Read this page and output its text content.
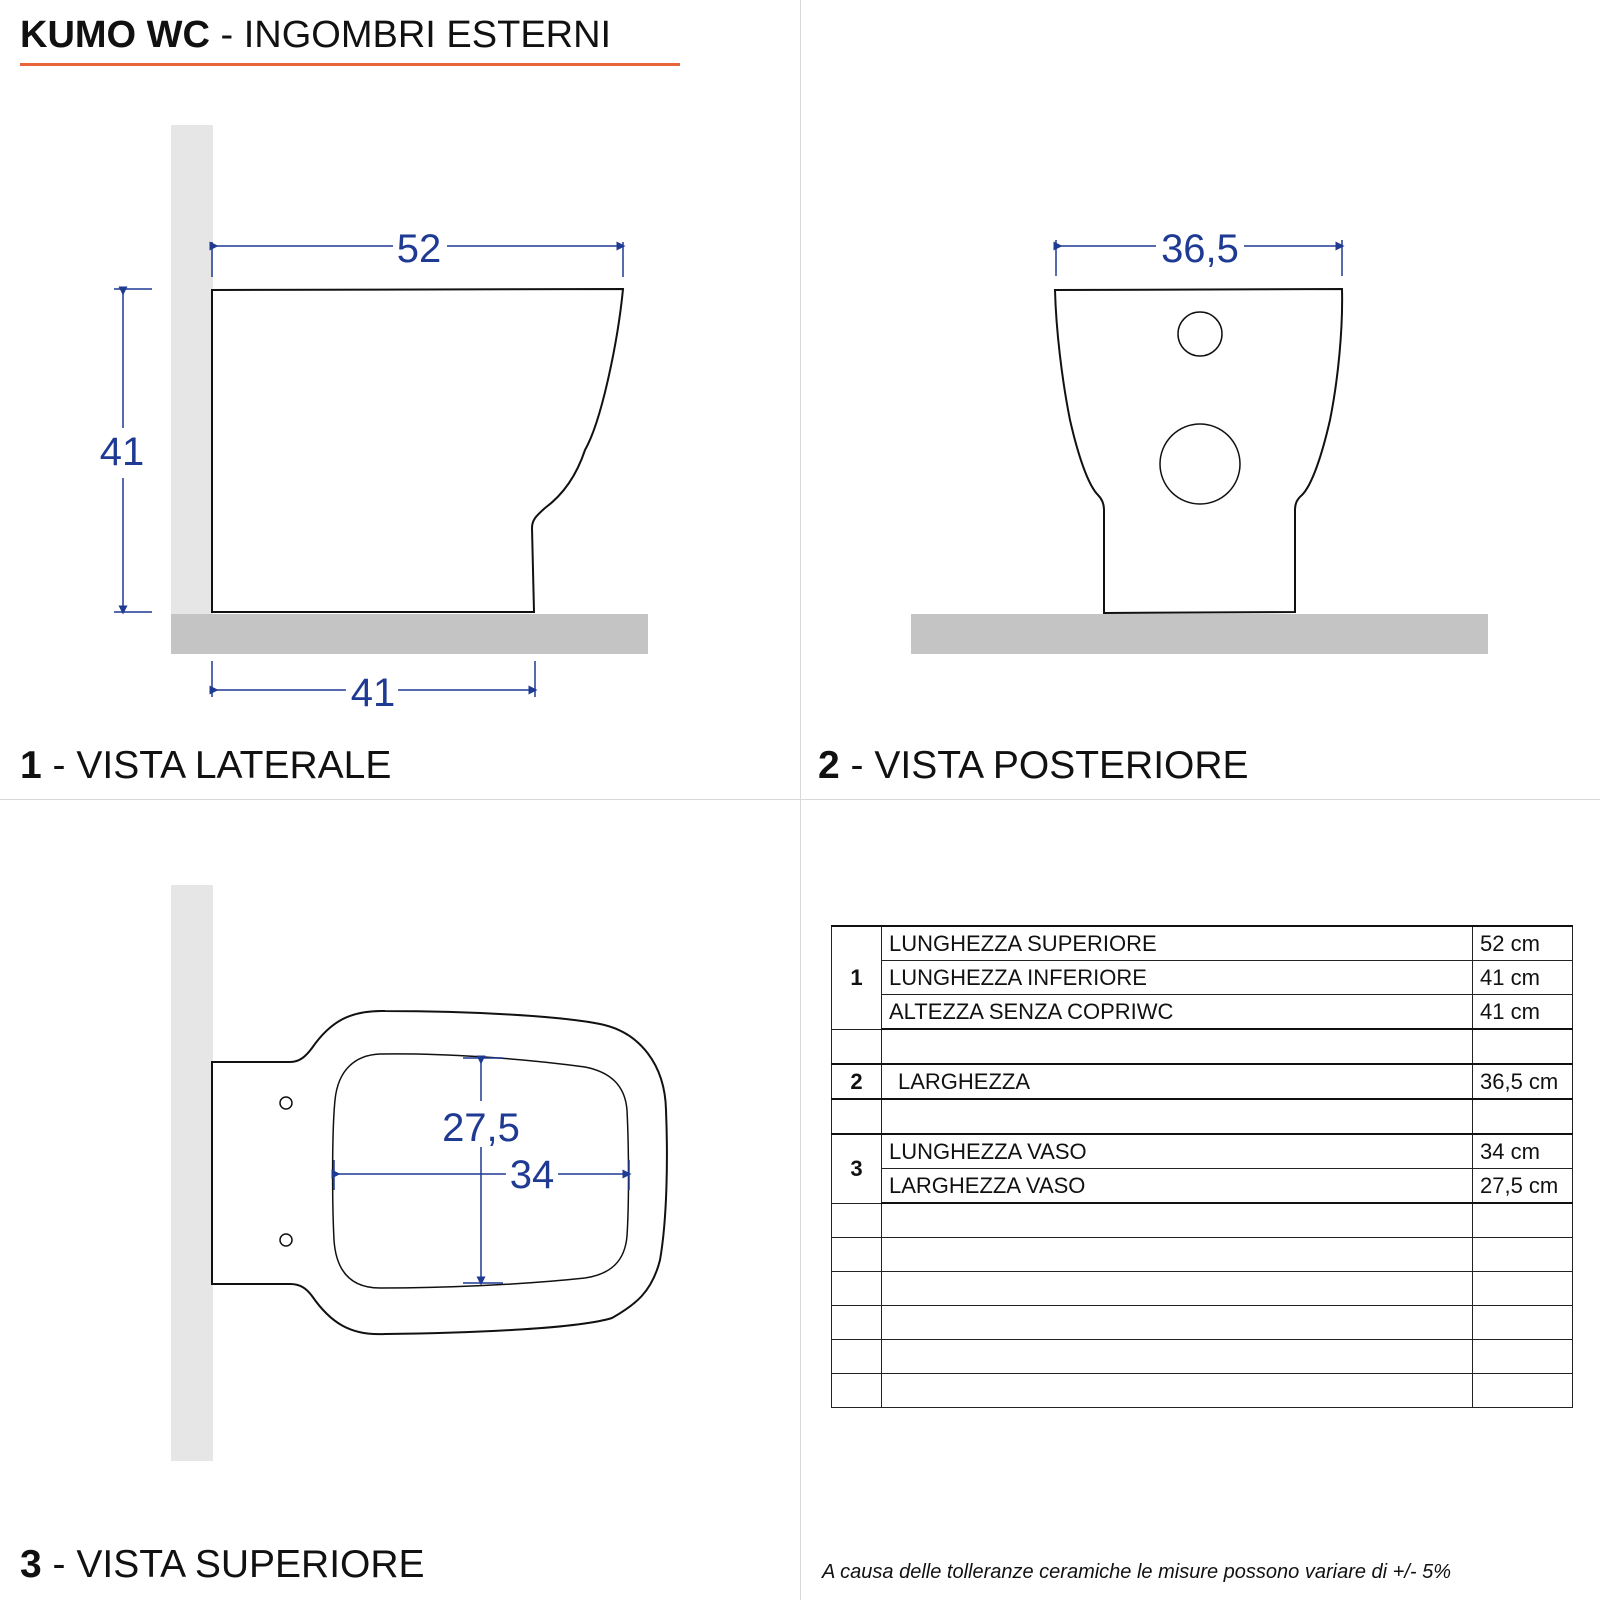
KUMO WC - INGOMBRI ESTERNI
52
41
41
36,5
27,5
34
1 - VISTA LATERALE	2 - VISTA POSTERIORE
3 - VISTA SUPERIORE
1	LUNGHEZZA SUPERIORE	52 cm
	LUNGHEZZA INFERIORE	41 cm
	ALTEZZA SENZA COPRIWC	41 cm

2	LARGHEZZA	36,5 cm

3	LUNGHEZZA VASO	34 cm
	LARGHEZZA VASO	27,5 cm

A causa delle tolleranze ceramiche le misure possono variare di +/- 5%
